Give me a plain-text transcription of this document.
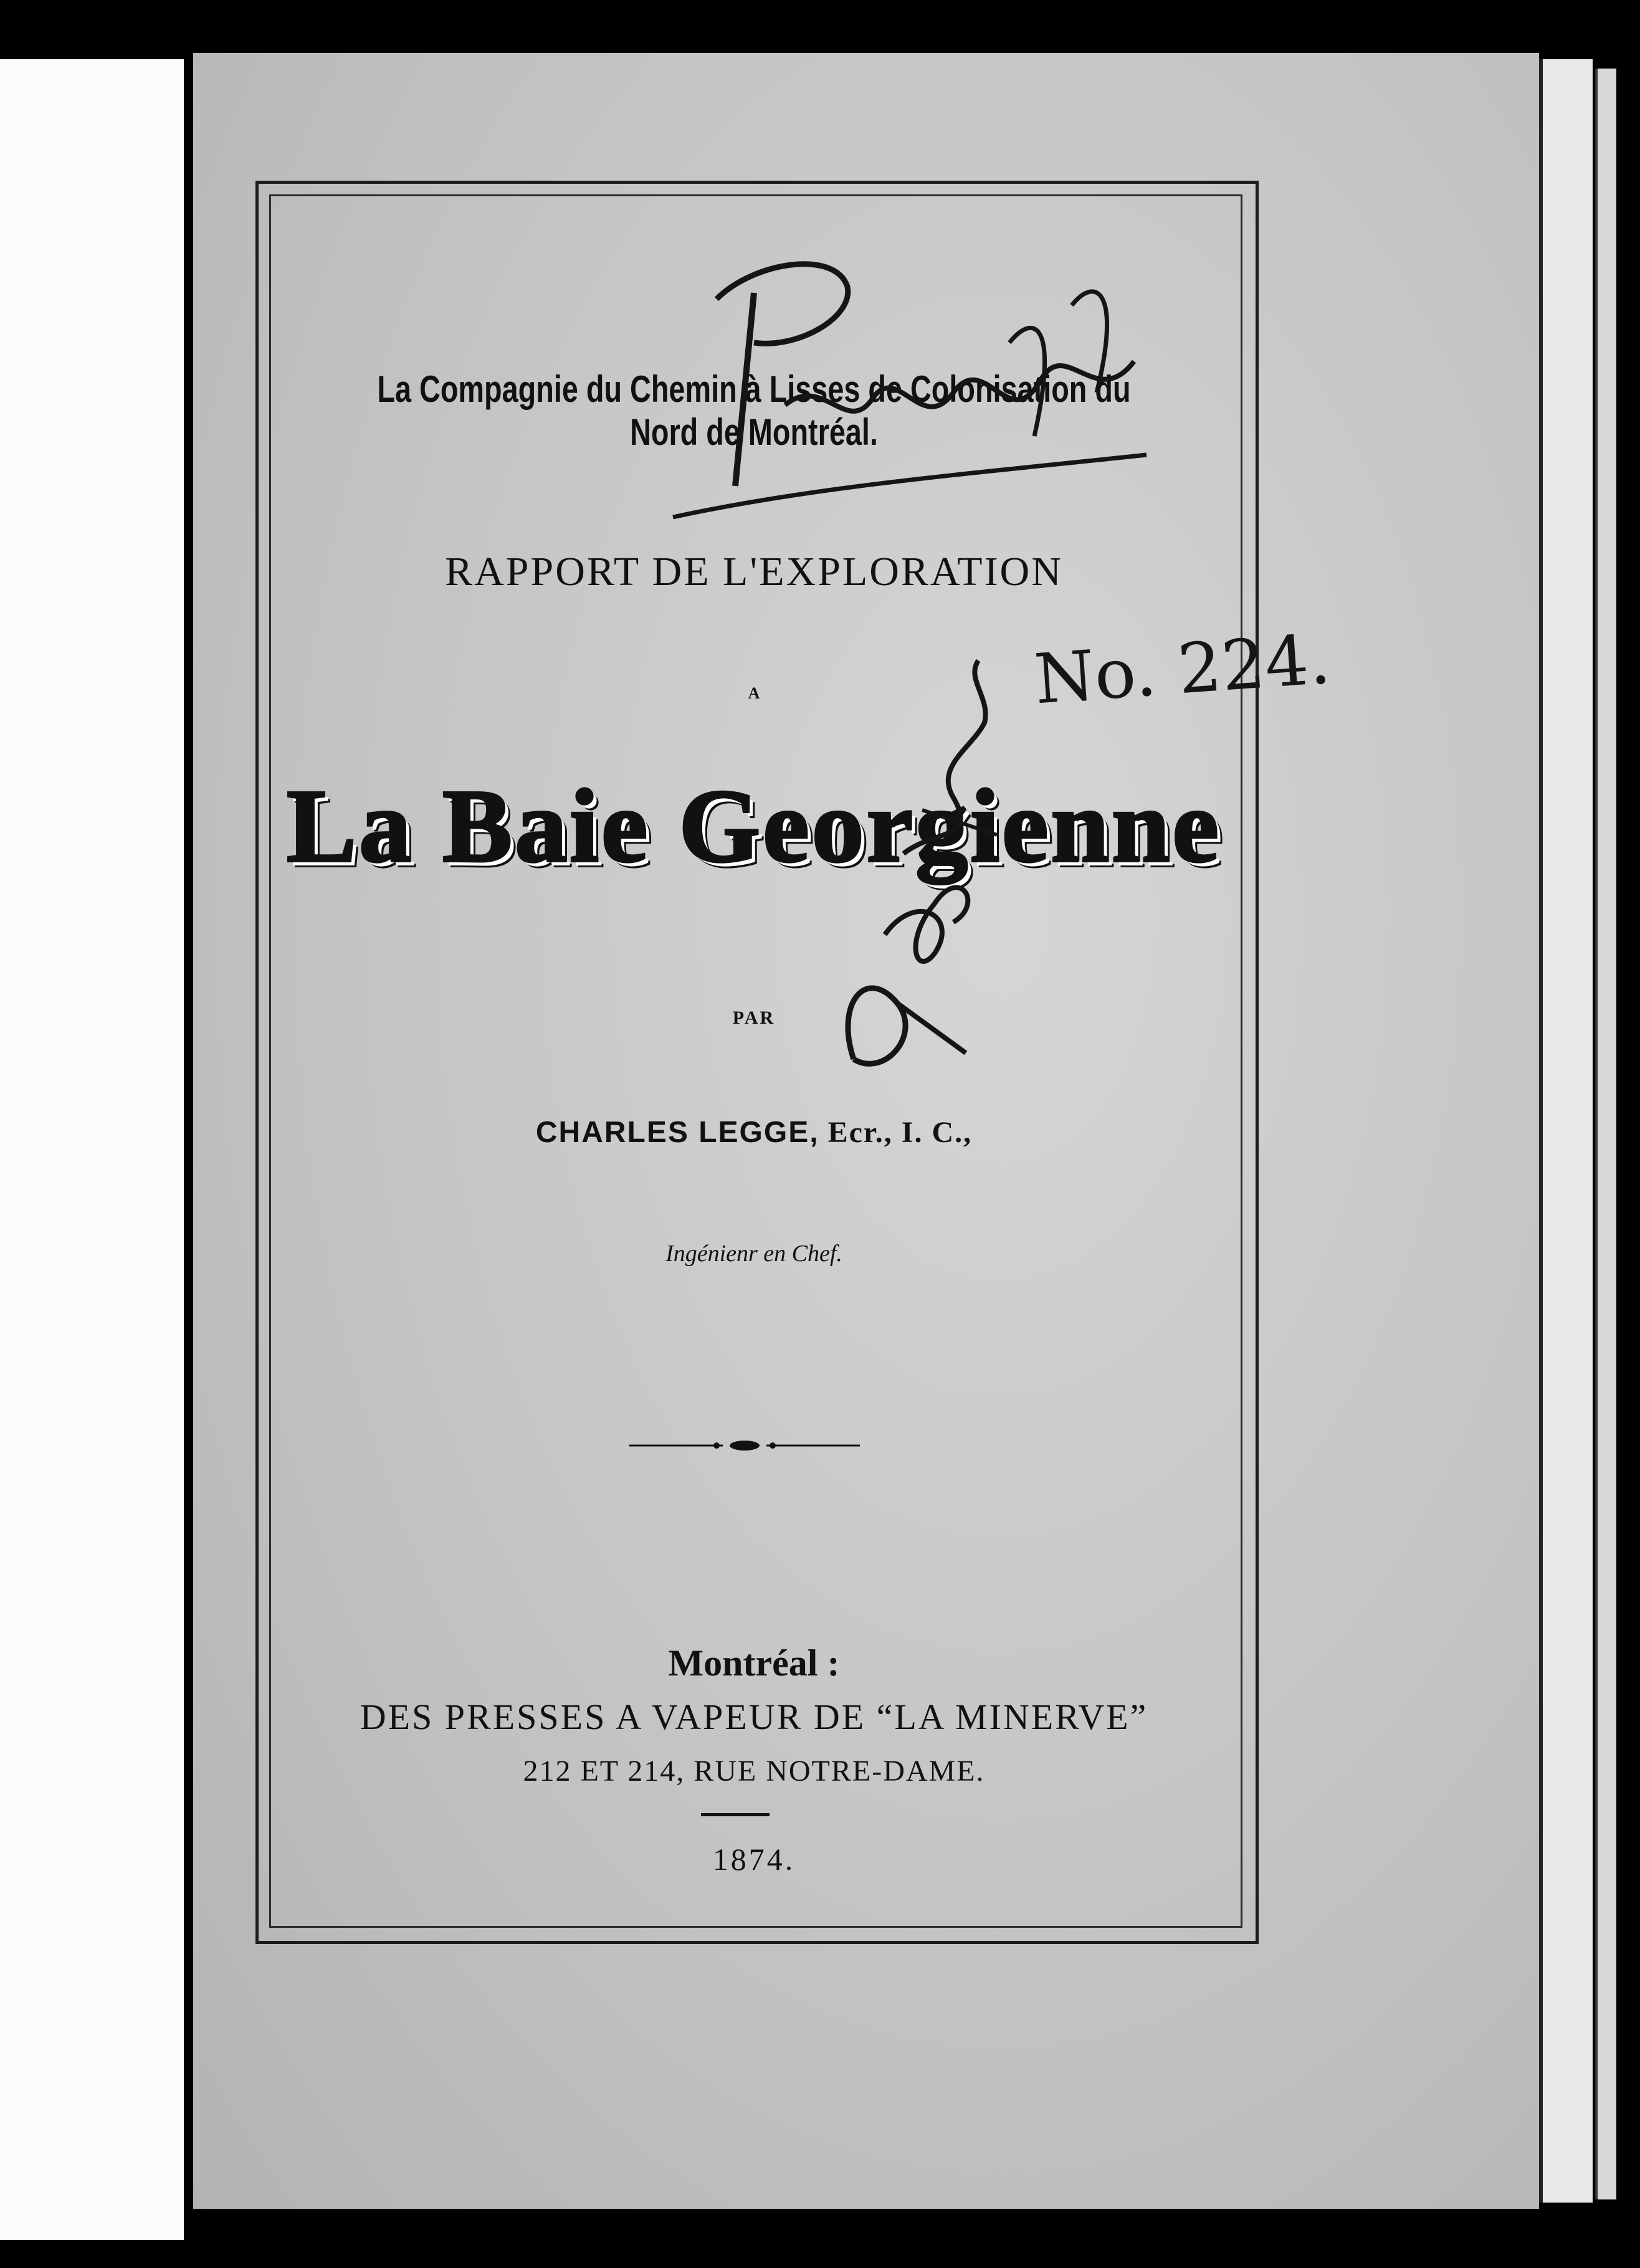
La Compagnie du Chemin à Lisses de Colonisation du Nord de Montréal.
RAPPORT DE L'EXPLORATION
A
La Baie Georgienne
PAR
CHARLES LEGGE, Ecr., I. C.,
Ingénienr en Chef.
Montréal :
DES PRESSES A VAPEUR DE “LA MINERVE”
212 ET 214, RUE NOTRE-DAME.
1874.
No. 224.
